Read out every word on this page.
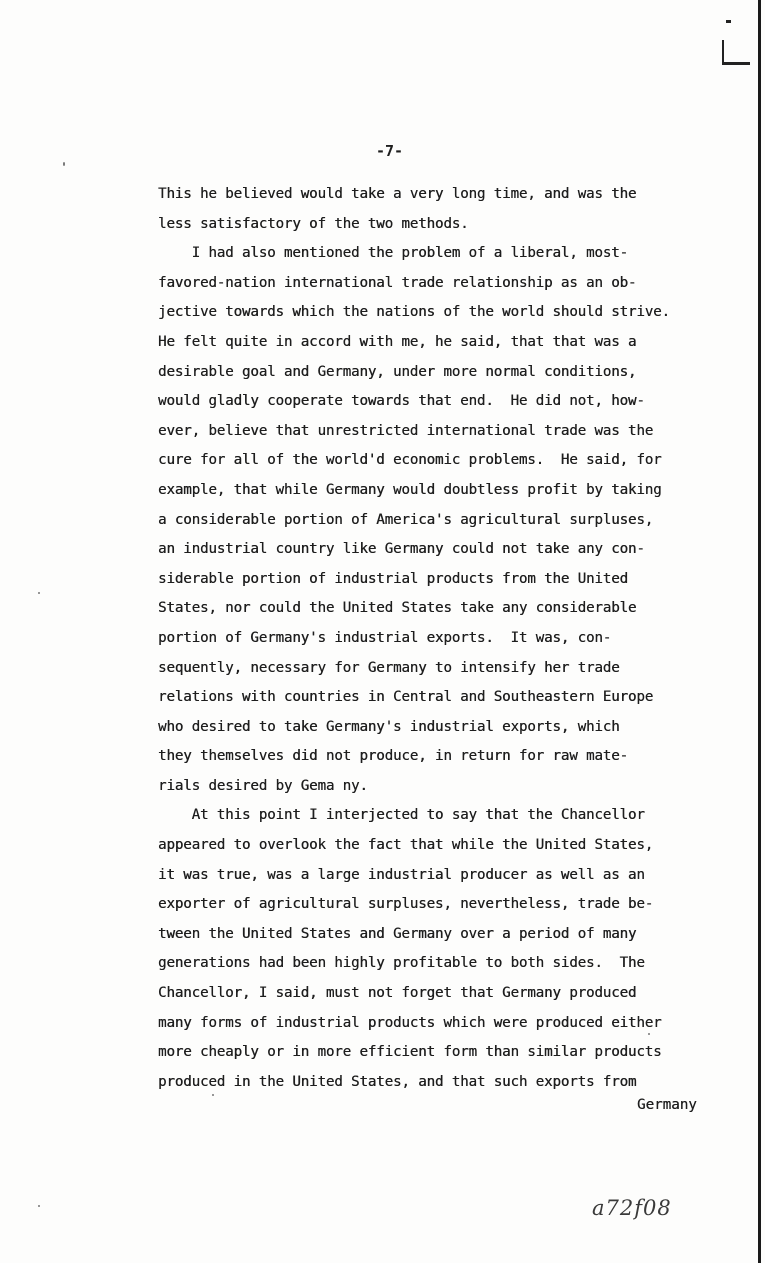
-7-
This he believed would take a very long time, and was the
less satisfactory of the two methods.
I had also mentioned the problem of a liberal, most-
favored-nation international trade relationship as an ob-
jective towards which the nations of the world should strive.
He felt quite in accord with me, he said, that that was a
desirable goal and Germany, under more normal conditions,
would gladly cooperate towards that end.  He did not, how-
ever, believe that unrestricted international trade was the
cure for all of the world'd economic problems.  He said, for
example, that while Germany would doubtless profit by taking
a considerable portion of America's agricultural surpluses,
an industrial country like Germany could not take any con-
siderable portion of industrial products from the United
States, nor could the United States take any considerable
portion of Germany's industrial exports.  It was, con-
sequently, necessary for Germany to intensify her trade
relations with countries in Central and Southeastern Europe
who desired to take Germany's industrial exports, which
they themselves did not produce, in return for raw mate-
rials desired by Gema ny.
At this point I interjected to say that the Chancellor
appeared to overlook the fact that while the United States,
it was true, was a large industrial producer as well as an
exporter of agricultural surpluses, nevertheless, trade be-
tween the United States and Germany over a period of many
generations had been highly profitable to both sides.  The
Chancellor, I said, must not forget that Germany produced
many forms of industrial products which were produced either
more cheaply or in more efficient form than similar products
produced in the United States, and that such exports from
Germany
a72f08
